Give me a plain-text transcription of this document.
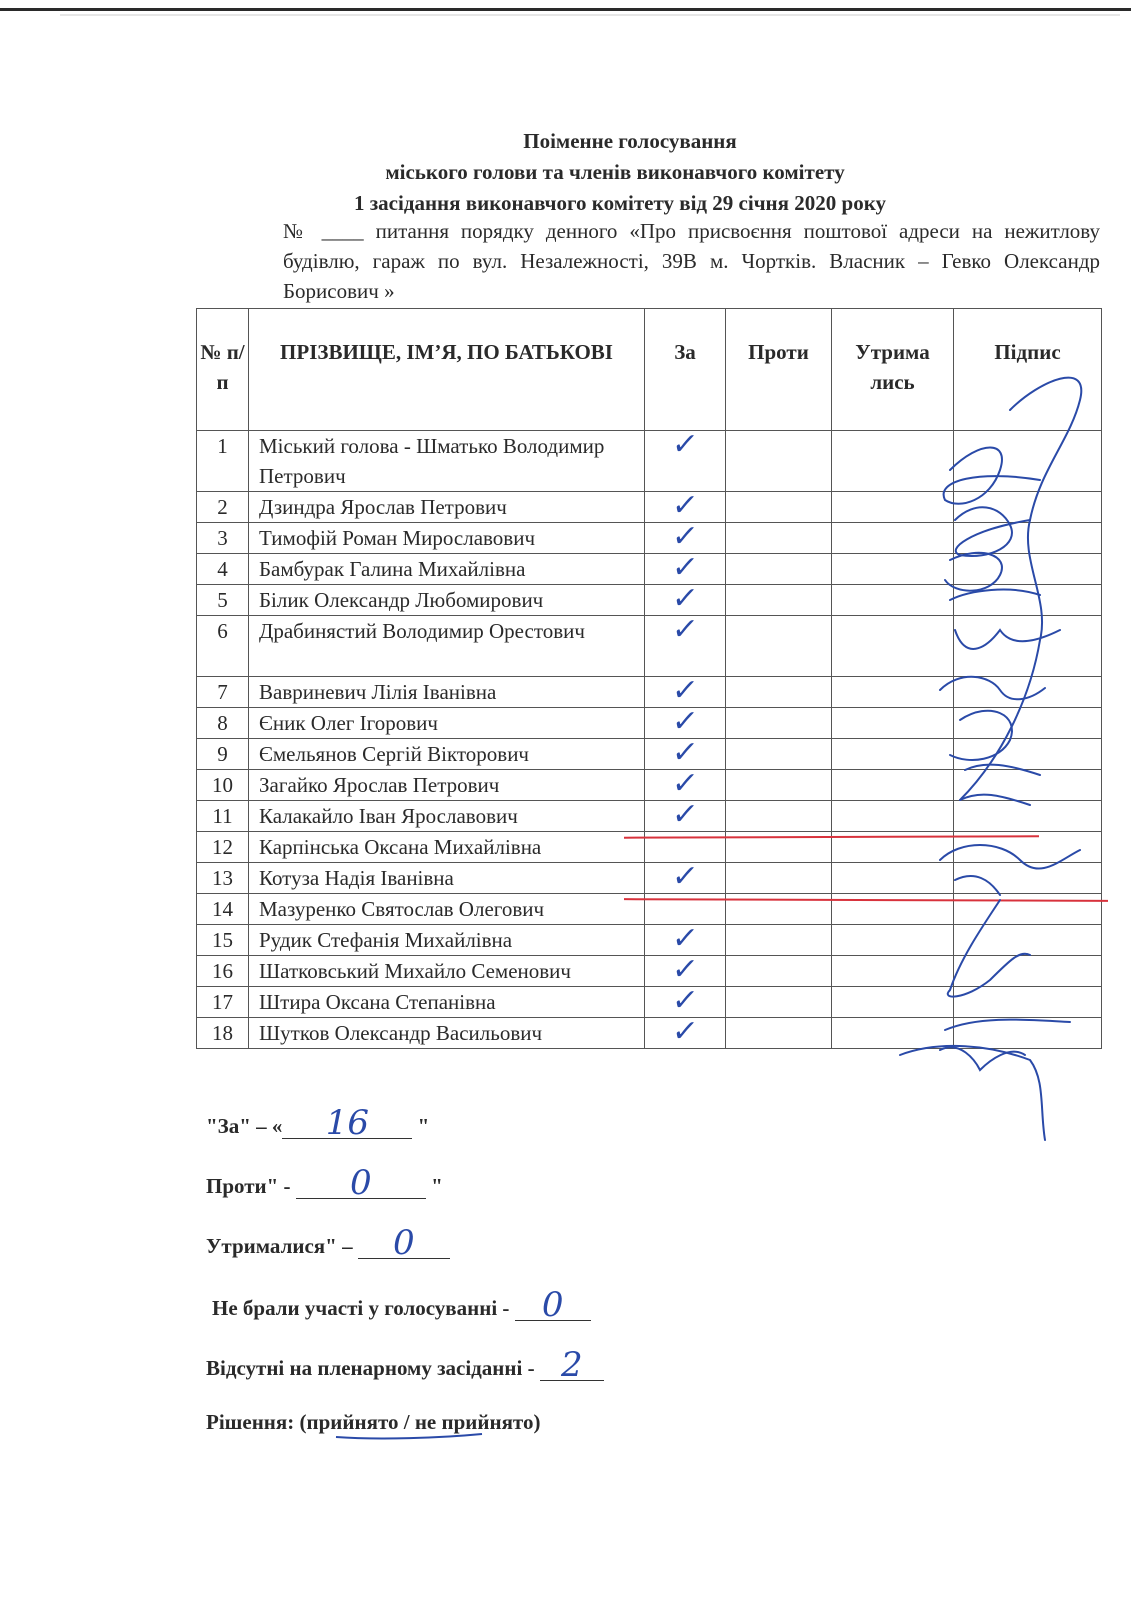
Поіменне голосування
міського голови та членів виконавчого комітету
1 засідання виконавчого комітету від 29 січня 2020 року
№ ____ питання порядку денного «Про присвоєння поштової адреси на нежитлову будівлю, гараж по вул. Незалежності, 39В м. Чортків. Власник – Гевко Олександр Борисович »
№ п/п	ПРІЗВИЩЕ, ІМ’Я, ПО БАТЬКОВІ	За	Проти	Утрима лись	Підпис
1	Міський голова - Шматько Володимир Петрович	✓			

2	Дзиндра Ярослав Петрович	✓			

3	Тимофій Роман Мирославович	✓			

4	Бамбурак Галина Михайлівна	✓			

5	Білик Олександр Любомирович	✓			

6	Драбинястий Володимир Орестович	✓			

7	Вавриневич Лілія Іванівна	✓			

8	Єник Олег Ігорович	✓			

9	Ємельянов Сергій Вікторович	✓			

10	Загайко Ярослав Петрович	✓			

11	Калакайло Іван Ярославович	✓			

12	Карпінська Оксана Михайлівна	

13	Котуза Надія Іванівна	✓			

14	Мазуренко Святослав Олегович	

15	Рудик Стефанія Михайлівна	✓			

16	Шатковський Михайло Семенович	✓			

17	Штира Оксана Степанівна	✓			

18	Шутков Олександр Васильович	✓			

"За" – « 16 "
Проти" - 0	"
Утрималися" – 0
Не брали участі у голосуванні - 0
Відсутні на пленарному засіданні - 2
Рішення: (прийнято / не прийнято)
